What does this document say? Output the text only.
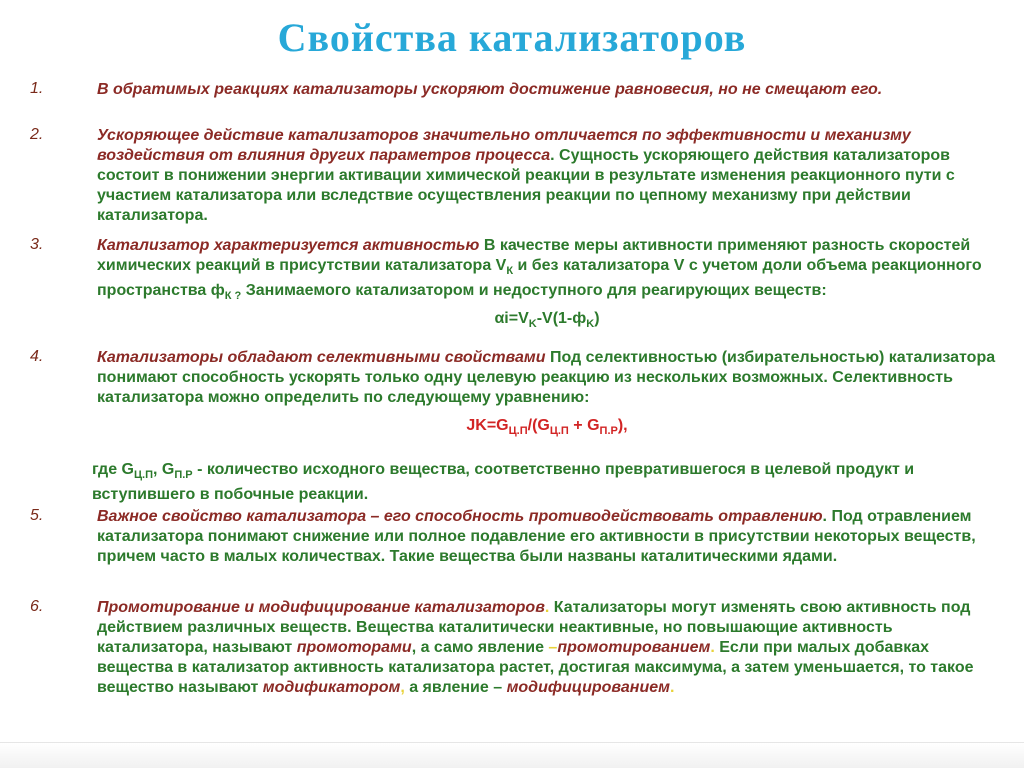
Свойства катализаторов
1.	В обратимых реакциях катализаторы ускоряют достижение равновесия, но не смещают его.
2.	Ускоряющее действие катализаторов значительно отличается по эффективности и механизму воздействия от влияния других параметров процесса. Сущность ускоряющего действия катализаторов состоит в понижении энергии активации химической реакции в результате изменения реакционного пути с участием катализатора или вследствие осуществления реакции по цепному механизму при действии катализатора.
3.	Катализатор характеризуется активностью В качестве меры активности применяют разность скоростей химических реакций в присутствии катализатора $V_К$ и без катализатора V с учетом доли объема реакционного пространства $ф_{К ?}$ Занимаемого катализатором и недоступного для реагирующих веществ:
$\alpha i=V_K-V(1-ф_K)$
4.	Катализаторы обладают селективными свойствами Под селективностью (избирательностью) катализатора понимают способность ускорять только одну целевую реакцию из нескольких возможных. Селективность катализатора можно определить по следующему уравнению:
$JK=G_{Ц.П}/(G_{Ц.П} + G_{П.Р})$,
где $G_{Ц.П}$, $G_{П.Р}$ - количество исходного вещества, соответственно превратившегося в целевой продукт и вступившего в побочные реакции.
5.	Важное свойство катализатора – его способность противодействовать отравлению. Под отравлением катализатора понимают снижение или полное подавление его активности в присутствии некоторых веществ, причем часто в малых количествах. Такие вещества были названы каталитическими ядами.
6.	Промотирование и модифицирование катализаторов. Катализаторы могут изменять свою активность под действием различных веществ. Вещества каталитически неактивные, но повышающие активность катализатора, называют промоторами, а само явление –промотированием. Если при малых добавках вещества в катализатор активность катализатора растет, достигая максимума, а затем уменьшается, то такое вещество называют модификатором, а явление – модифицированием.
